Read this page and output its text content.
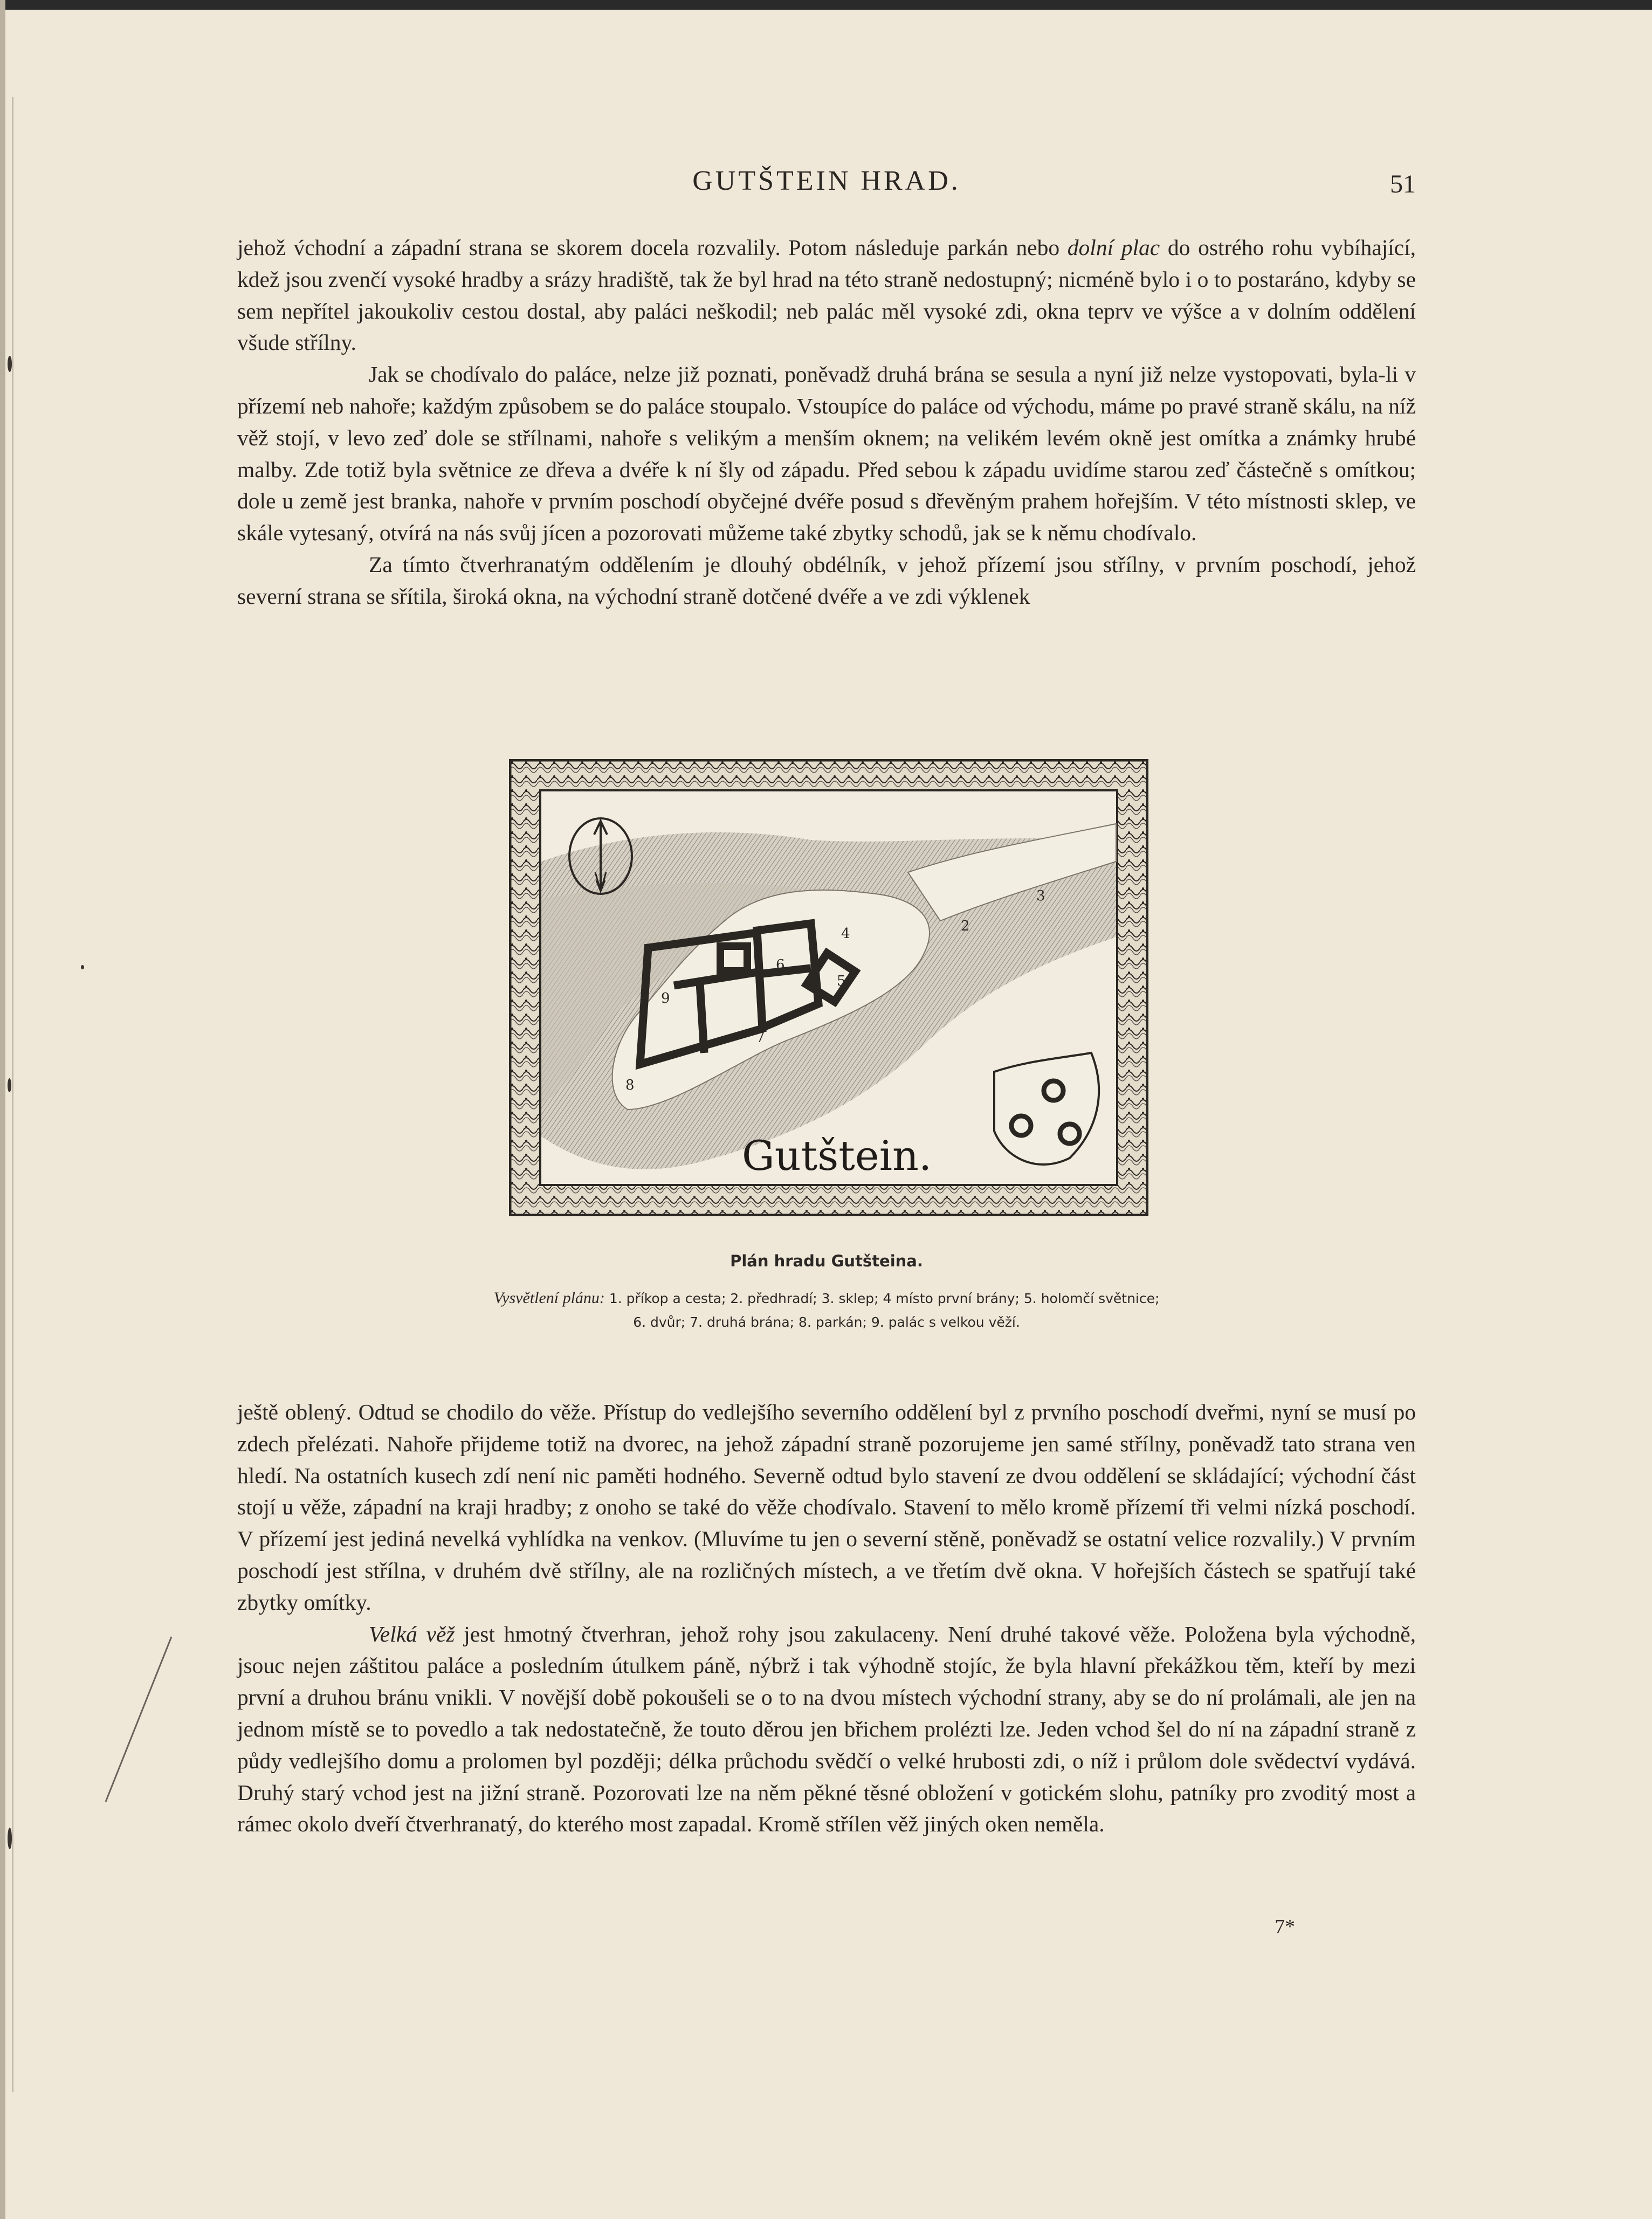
GUTŠTEIN HRAD.	51

jehož v́chodní a západní strana se skorem docela rozvalily. Potom následuje parkán nebo dolní plac do ostrého rohu vybíhající, kdež jsou zvenčí vysoké hradby a srázy hradiště, tak že byl hrad na této straně nedostupný; nicméně bylo i o to postaráno, kdyby se sem nepřítel jakoukoliv cestou dostal, aby paláci neškodil; neb palác měl vysoké zdi, okna teprv ve výšce a v dolním oddělení všude střílny.

Jak se chodívalo do paláce, nelze již poznati, poněvadž druhá brána se sesula a nyní již nelze vystopovati, byla-li v přízemí neb nahoře; každým způsobem se do paláce stoupalo. Vstoupíce do paláce od východu, máme po pravé straně skálu, na níž věž stojí, v levo zeď dole se střílnami, nahoře s velikým a menším oknem; na velikém levém okně jest omítka a známky hrubé malby. Zde totiž byla světnice ze dřeva a dvéře k ní šly od západu. Před sebou k západu uvidíme starou zeď částečně s omítkou; dole u země jest branka, nahoře v prvním poschodí obyčejné dvéře posud s dřevěným prahem hořejším. V této místnosti sklep, ve skále vytesaný, otvírá na nás svůj jícen a pozorovati můžeme také zbytky schodů, jak se k němu chodívalo.

Za tímto čtverhranatým oddělením je dlouhý obdélník, v jehož přízemí jsou střílny, v prvním poschodí, jehož severní strana se sřítila, široká okna, na východní straně dotčené dvéře a ve zdi výklenek

2
3
4
5
6
7
8
9
Gutštein.
Plán hradu Gutšteina.
Vysvětlení plánu: 1. příkop a cesta; 2. předhradí; 3. sklep; 4 místo první brány; 5. holomčí světnice;
6. dvůr; 7. druhá brána; 8. parkán; 9. palác s velkou věží.

ještě oblený. Odtud se chodilo do věže. Přístup do vedlejšího severního oddělení byl z prvního poschodí dveřmi, nyní se musí po zdech přelézati. Nahoře přijdeme totiž na dvorec, na jehož západní straně pozorujeme jen samé střílny, poněvadž tato strana ven hledí. Na ostatních kusech zdí není nic paměti hodného. Severně odtud bylo stavení ze dvou oddělení se skládající; východní část stojí u věže, západní na kraji hradby; z onoho se také do věže chodívalo. Stavení to mělo kromě přízemí tři velmi nízká poschodí. V přízemí jest jediná nevelká vyhlídka na venkov. (Mluvíme tu jen o severní stěně, poněvadž se ostatní velice rozvalily.) V prvním poschodí jest střílna, v druhém dvě střílny, ale na rozličných místech, a ve třetím dvě okna. V hořejších částech se spatřují také zbytky omítky.

Velká věž jest hmotný čtverhran, jehož rohy jsou zakulaceny. Není druhé takové věže. Položena byla východně, jsouc nejen záštitou paláce a posledním útulkem páně, nýbrž i tak výhodně stojíc, že byla hlavní překážkou těm, kteří by mezi první a druhou bránu vnikli. V novější době pokoušeli se o to na dvou místech východní strany, aby se do ní prolámali, ale jen na jednom místě se to povedlo a tak nedostatečně, že touto děrou jen břichem prolézti lze. Jeden vchod šel do ní na západní straně z půdy vedlejšího domu a prolomen byl později; délka průchodu svědčí o velké hrubosti zdi, o níž i průlom dole svědectví vydává. Druhý starý vchod jest na jižní straně. Pozorovati lze na něm pěkné těsné obložení v gotickém slohu, patníky pro zvoditý most a rámec okolo dveří čtverhranatý, do kterého most zapadal. Kromě střílen věž jiných oken neměla.

7*
